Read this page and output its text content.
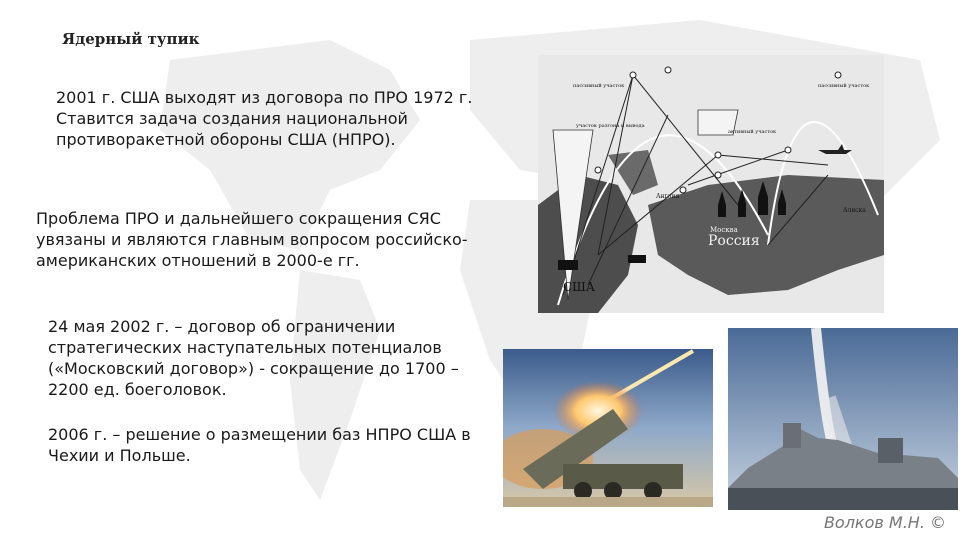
Ядерный тупик

2001 г. США выходят из договора по ПРО 1972 г.
Ставится задача создания национальной
противоракетной обороны США (НПРО).

Проблема ПРО и дальнейшего сокращения СЯС
увязаны и являются главным вопросом российско-
американских отношений в 2000-е гг.

24 мая 2002 г. – договор об ограничении
стратегических наступательных потенциалов
(«Московский договор») - сокращение до 1700 –
2200 ед. боеголовок.

2006 г. – решение о размещении баз НПРО США в
Чехии и Польше.

США
Россия
Москва
Англия
Аляска
пассивный участок	пассивный участок
участок разгона и вывода
активный участок
Волков М.Н. ©
